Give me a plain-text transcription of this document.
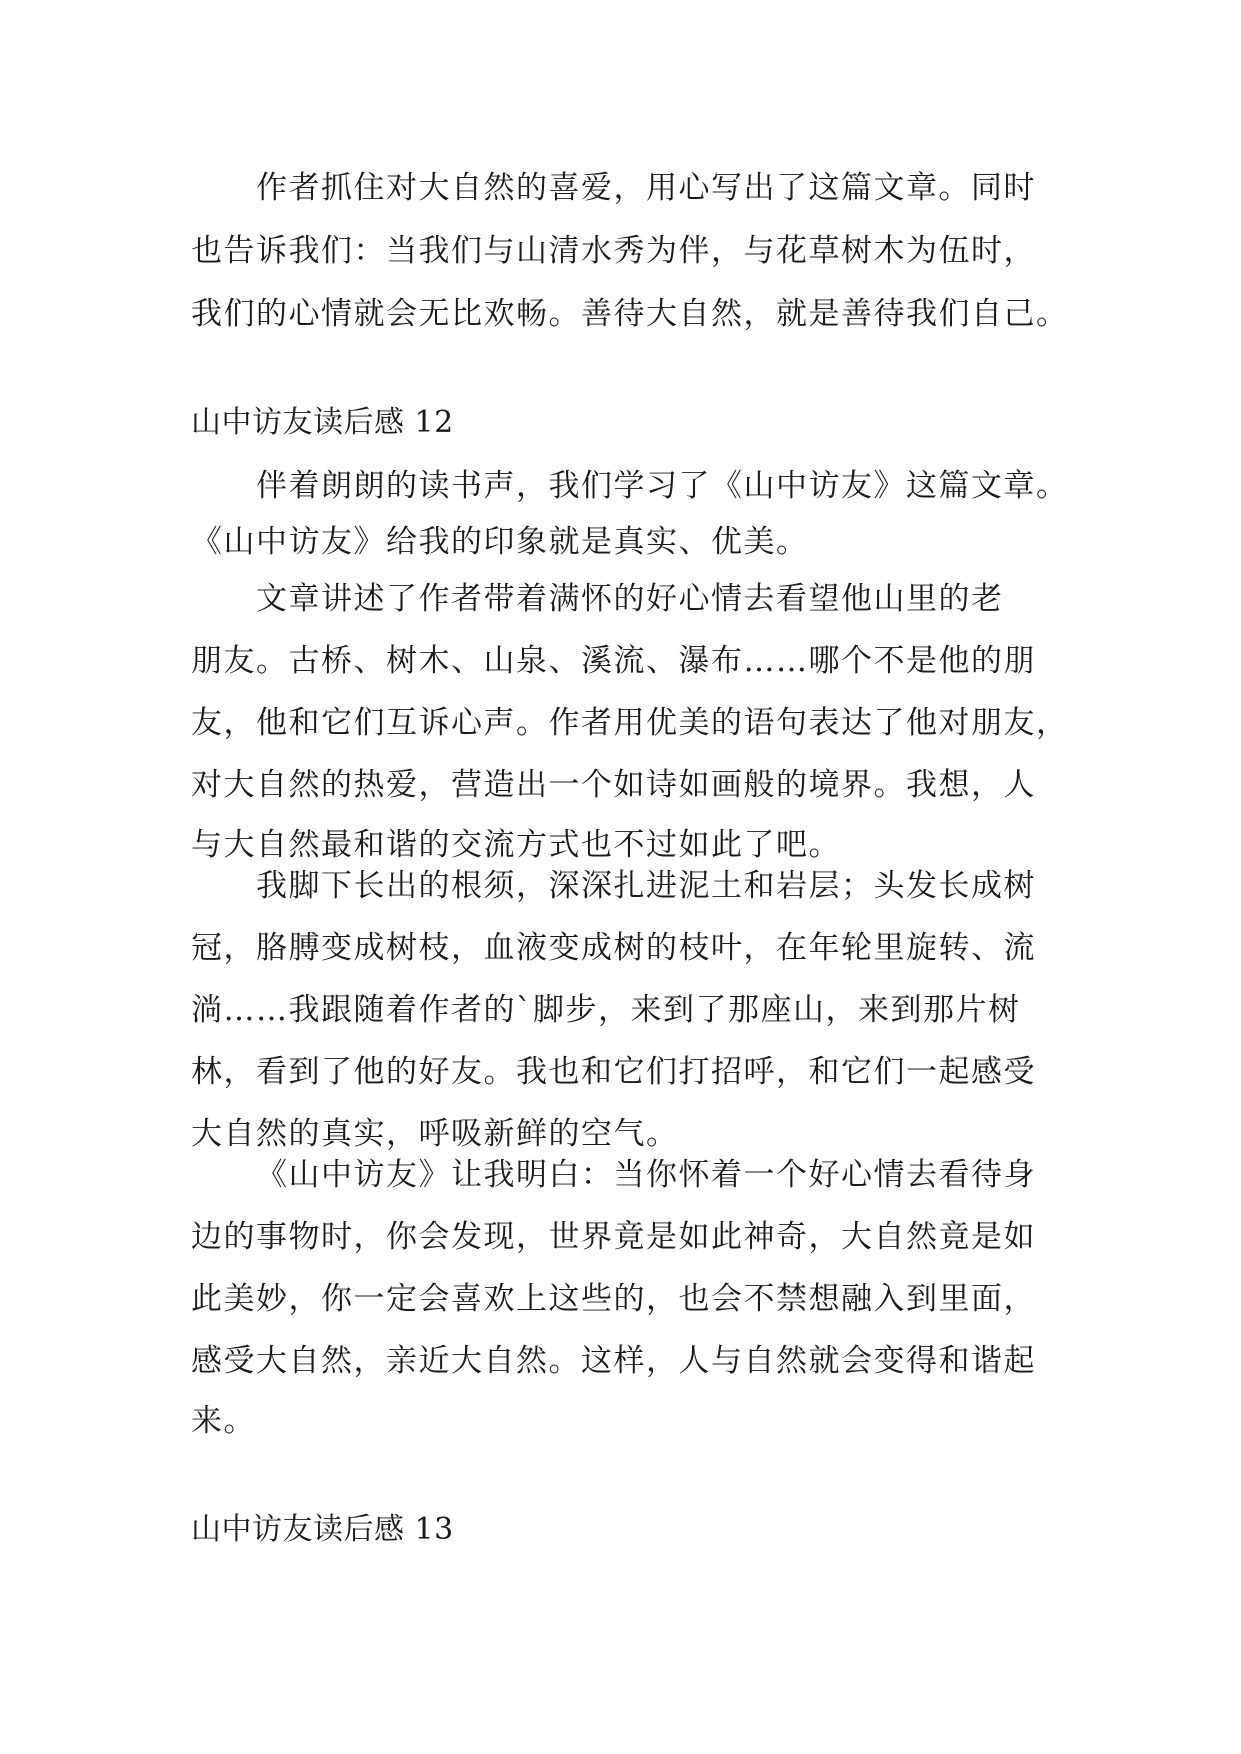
作者抓住对大自然的喜爱，用心写出了这篇文章。同时
也告诉我们：当我们与山清水秀为伴，与花草树木为伍时，
我们的心情就会无比欢畅。善待大自然，就是善待我们自己。
山中访友读后感 12
伴着朗朗的读书声，我们学习了《山中访友》这篇文章。
《山中访友》给我的印象就是真实、优美。
文章讲述了作者带着满怀的好心情去看望他山里的老
朋友。古桥、树木、山泉、溪流、瀑布……哪个不是他的朋
友，他和它们互诉心声。作者用优美的语句表达了他对朋友，
对大自然的热爱，营造出一个如诗如画般的境界。我想，人
与大自然最和谐的交流方式也不过如此了吧。
我脚下长出的根须，深深扎进泥土和岩层；头发长成树
冠，胳膊变成树枝，血液变成树的枝叶，在年轮里旋转、流
淌……我跟随着作者的`脚步，来到了那座山，来到那片树
林，看到了他的好友。我也和它们打招呼，和它们一起感受
大自然的真实，呼吸新鲜的空气。
《山中访友》让我明白：当你怀着一个好心情去看待身
边的事物时，你会发现，世界竟是如此神奇，大自然竟是如
此美妙，你一定会喜欢上这些的，也会不禁想融入到里面，
感受大自然，亲近大自然。这样，人与自然就会变得和谐起
来。
山中访友读后感 13
